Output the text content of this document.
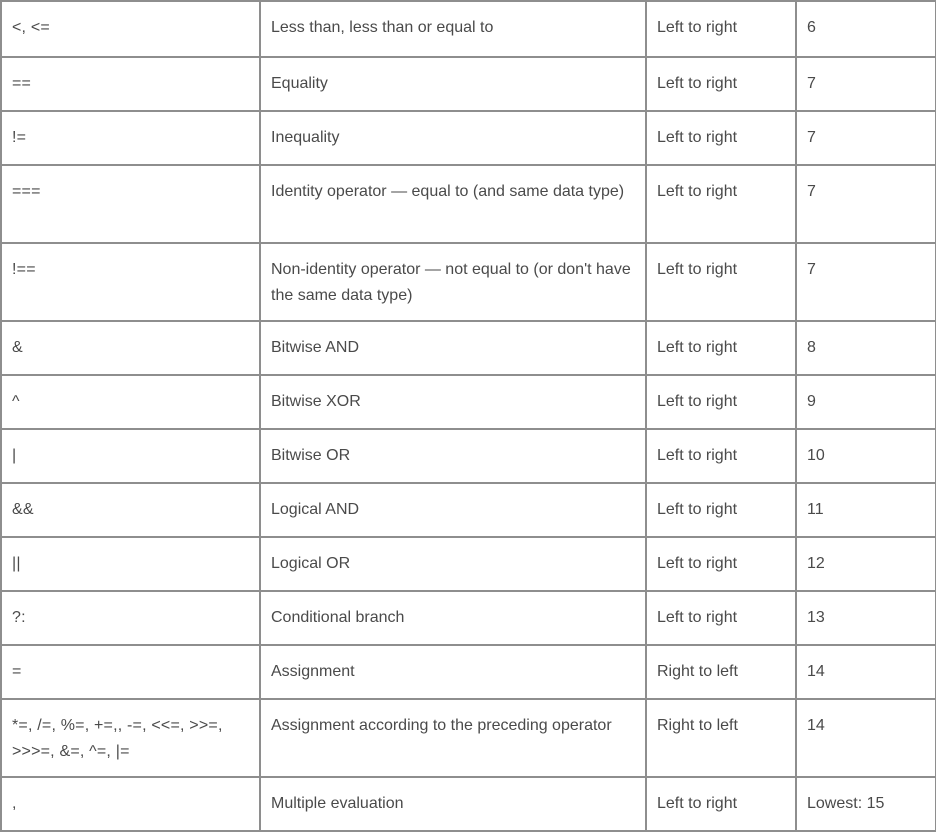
<, <=	Less than, less than or equal to	Left to right	6
==	Equality	Left to right	7
!=	Inequality	Left to right	7
===	Identity operator — equal to (and same data type)	Left to right	7
!==	Non-identity operator — not equal to (or don't have the same data type)	Left to right	7
&	Bitwise AND	Left to right	8
^	Bitwise XOR	Left to right	9
|	Bitwise OR	Left to right	10
&&	Logical AND	Left to right	11
||	Logical OR	Left to right	12
?:	Conditional branch	Left to right	13
=	Assignment	Right to left	14
*=, /=, %=, +=,, -=, <<=, >>=, >>>=, &=, ^=, |=	Assignment according to the preceding operator	Right to left	14
,	Multiple evaluation	Left to right	Lowest: 15
